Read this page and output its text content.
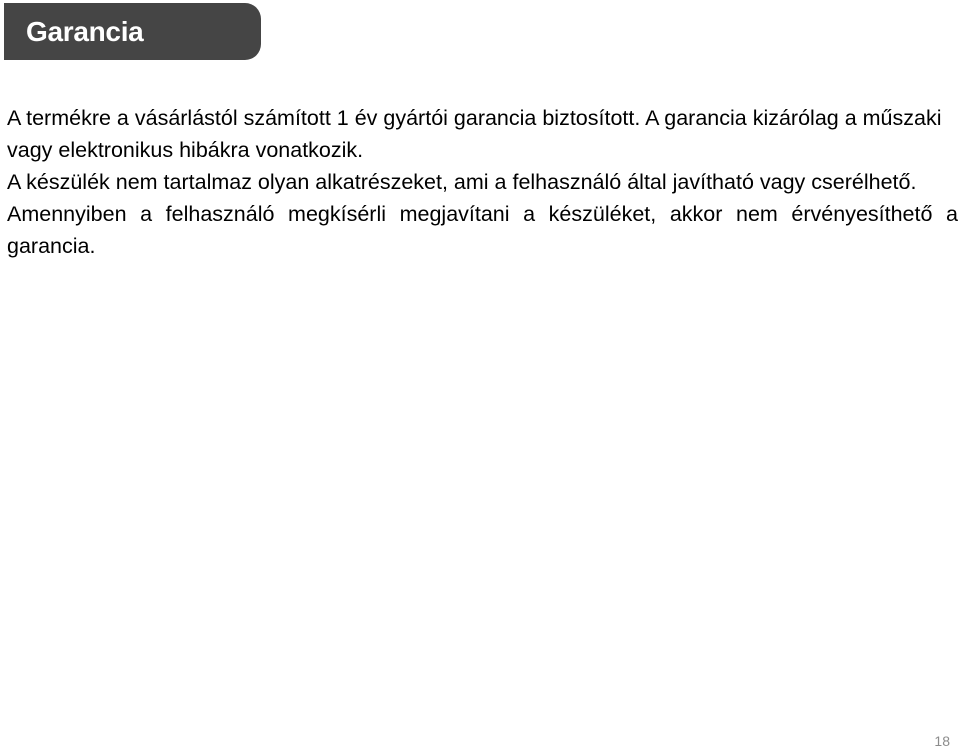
Garancia

A termékre a vásárlástól számított 1 év gyártói garancia biztosított. A garancia kizárólag a műszaki vagy elektronikus hibákra vonatkozik.

A készülék nem tartalmaz olyan alkatrészeket, ami a felhasználó által javítható vagy cserélhető.

Amennyiben a felhasználó megkísérli megjavítani a készüléket, akkor nem érvényesíthető a garancia.

18
